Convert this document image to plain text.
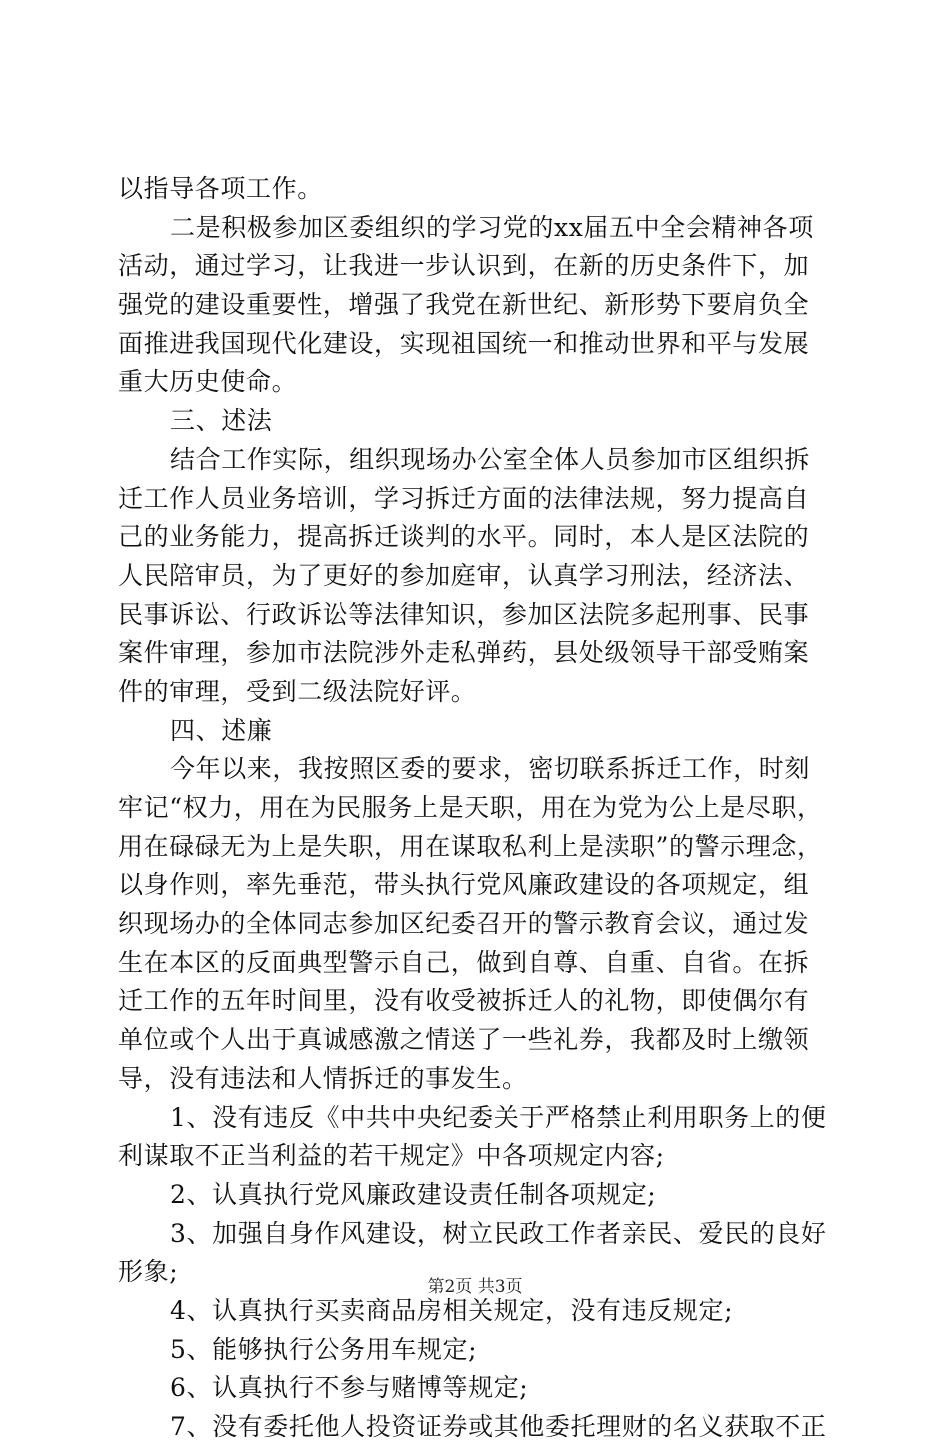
以指导各项工作。
二是积极参加区委组织的学习党的xx届五中全会精神各项
活动，通过学习，让我进一步认识到，在新的历史条件下，加
强党的建设重要性，增强了我党在新世纪、新形势下要肩负全
面推进我国现代化建设，实现祖国统一和推动世界和平与发展
重大历史使命。
三、述法
结合工作实际，组织现场办公室全体人员参加市区组织拆
迁工作人员业务培训，学习拆迁方面的法律法规，努力提高自
己的业务能力，提高拆迁谈判的水平。同时，本人是区法院的
人民陪审员，为了更好的参加庭审，认真学习刑法，经济法、
民事诉讼、行政诉讼等法律知识，参加区法院多起刑事、民事
案件审理，参加市法院涉外走私弹药，县处级领导干部受贿案
件的审理，受到二级法院好评。
四、述廉
今年以来，我按照区委的要求，密切联系拆迁工作，时刻
牢记“权力，用在为民服务上是天职，用在为党为公上是尽职，
用在碌碌无为上是失职，用在谋取私利上是渎职”的警示理念，
以身作则，率先垂范，带头执行党风廉政建设的各项规定，组
织现场办的全体同志参加区纪委召开的警示教育会议，通过发
生在本区的反面典型警示自己，做到自尊、自重、自省。在拆
迁工作的五年时间里，没有收受被拆迁人的礼物，即使偶尔有
单位或个人出于真诚感激之情送了一些礼券，我都及时上缴领
导，没有违法和人情拆迁的事发生。
1、没有违反《中共中央纪委关于严格禁止利用职务上的便
利谋取不正当利益的若干规定》中各项规定内容;
2、认真执行党风廉政建设责任制各项规定;
3、加强自身作风建设，树立民政工作者亲民、爱民的良好
形象;
4、认真执行买卖商品房相关规定，没有违反规定;
5、能够执行公务用车规定;
6、认真执行不参与赌博等规定;
7、没有委托他人投资证券或其他委托理财的名义获取不正
第2页 共3页
